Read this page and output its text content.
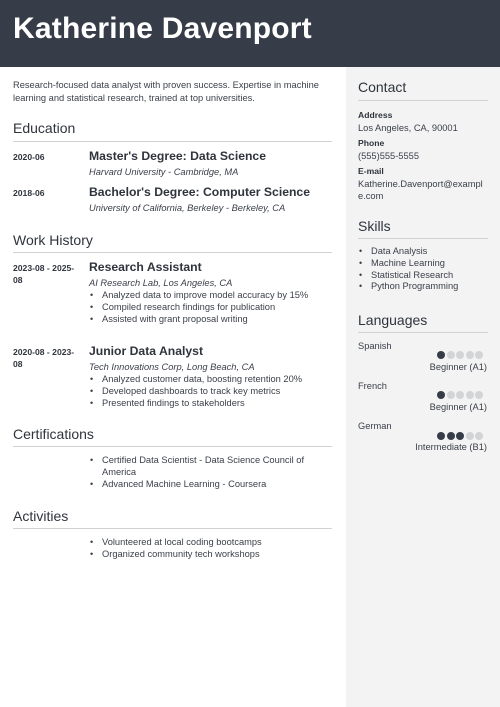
Katherine Davenport
Research-focused data analyst with proven success. Expertise in machine learning and statistical research, trained at top universities.
Education
2020-06	Master's Degree: Data Science
Harvard University - Cambridge, MA
2018-06	Bachelor's Degree: Computer Science
University of California, Berkeley - Berkeley, CA
Work History
2023-08 - 2025-08
Research Assistant
AI Research Lab, Los Angeles, CA
• Analyzed data to improve model accuracy by 15%
• Compiled research findings for publication
• Assisted with grant proposal writing
2020-08 - 2023-08
Junior Data Analyst
Tech Innovations Corp, Long Beach, CA
• Analyzed customer data, boosting retention 20%
• Developed dashboards to track key metrics
• Presented findings to stakeholders
Certifications
• Certified Data Scientist - Data Science Council of America
• Advanced Machine Learning - Coursera
Activities
• Volunteered at local coding bootcamps
• Organized community tech workshops
Contact
Address
Los Angeles, CA, 90001
Phone
(555)555-5555
E-mail
Katherine.Davenport@example.com
Skills
• Data Analysis
• Machine Learning
• Statistical Research
• Python Programming
Languages
Spanish
Beginner (A1)
French
Beginner (A1)
German
Intermediate (B1)
